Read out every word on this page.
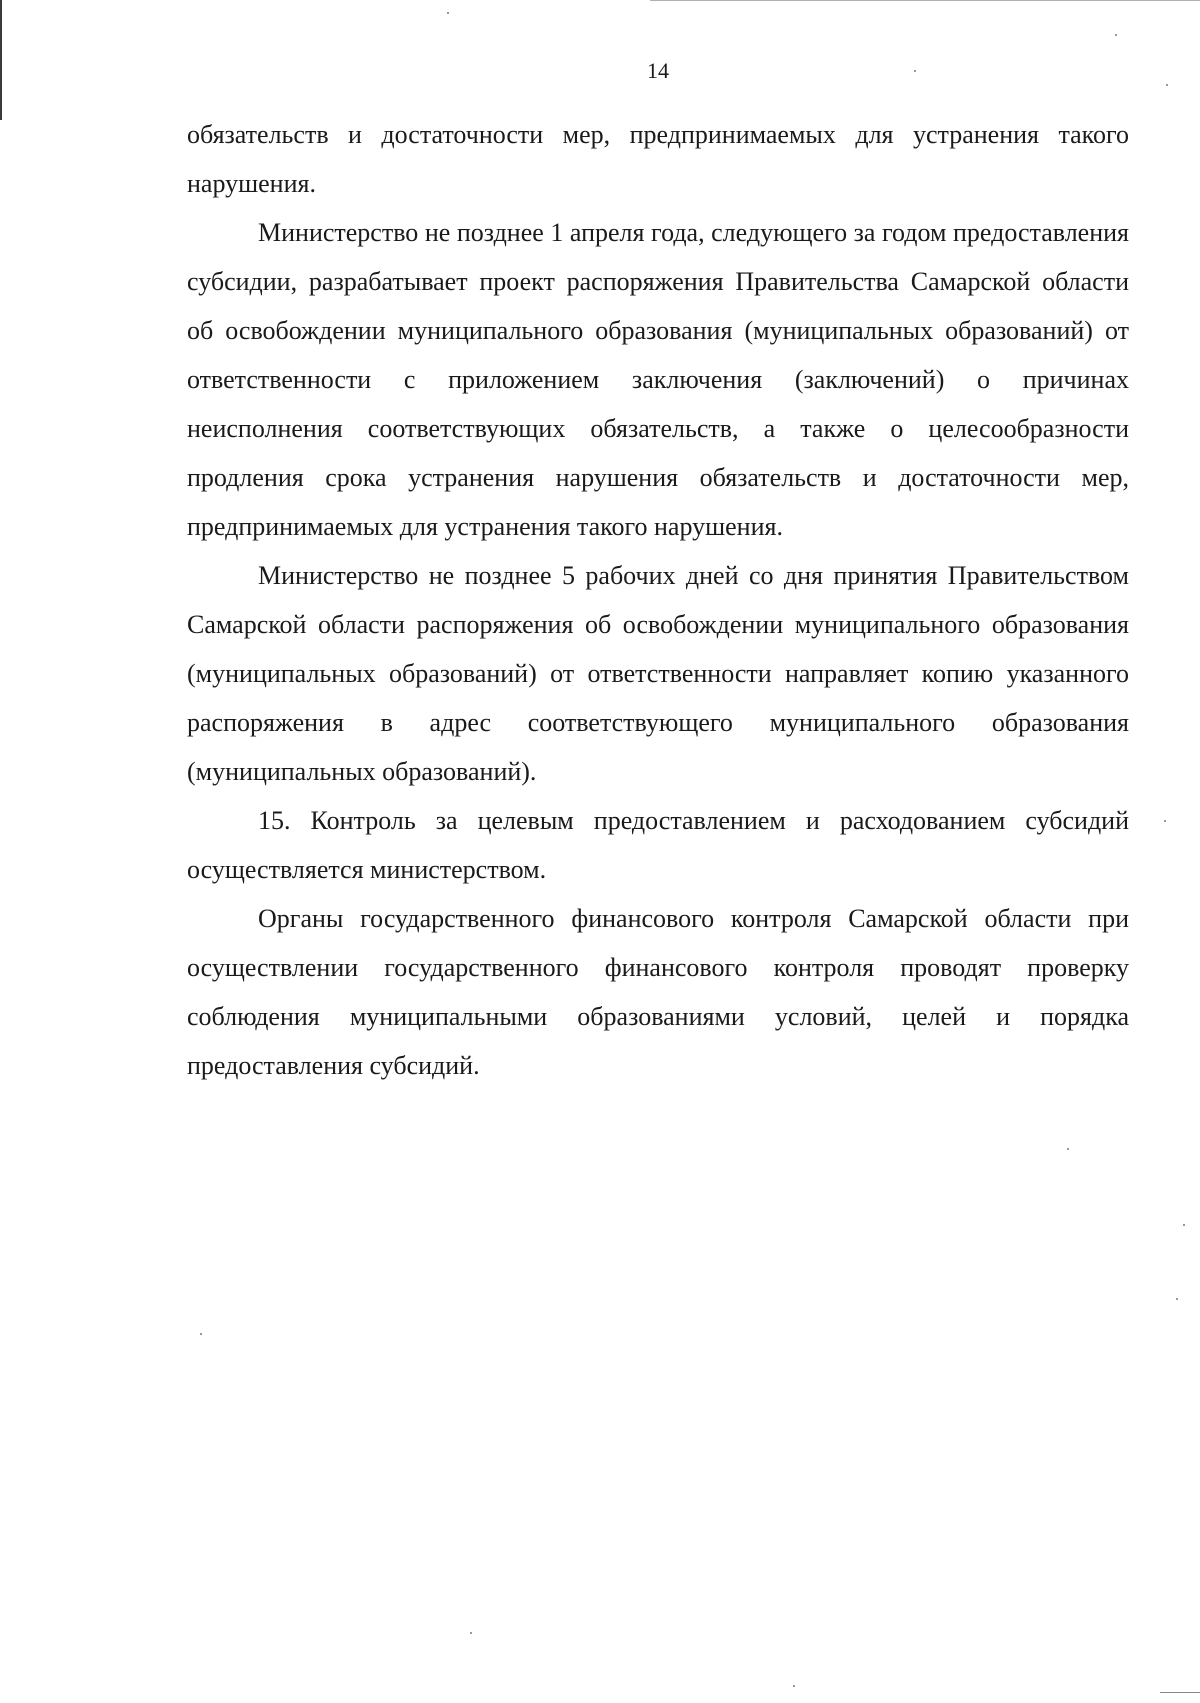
14

обязательств и достаточности мер, предпринимаемых для устранения такого нарушения.

Министерство не позднее 1 апреля года, следующего за годом предоставления субсидии, разрабатывает проект распоряжения Правительства Самарской области об освобождении муниципального образования (муниципальных образований) от ответственности с приложением заключения (заключений) о причинах неисполнения соответствующих обязательств, а также о целесообразности продления срока устранения нарушения обязательств и достаточности мер, предпринимаемых для устранения такого нарушения.

Министерство не позднее 5 рабочих дней со дня принятия Правительством Самарской области распоряжения об освобождении муниципального образования (муниципальных образований) от ответственности направляет копию указанного распоряжения в адрес соответствующего муниципального образования (муниципальных образований).

15. Контроль за целевым предоставлением и расходованием субсидий осуществляется министерством.

Органы государственного финансового контроля Самарской области при осуществлении государственного финансового контроля проводят проверку соблюдения муниципальными образованиями условий, целей и порядка предоставления субсидий.
